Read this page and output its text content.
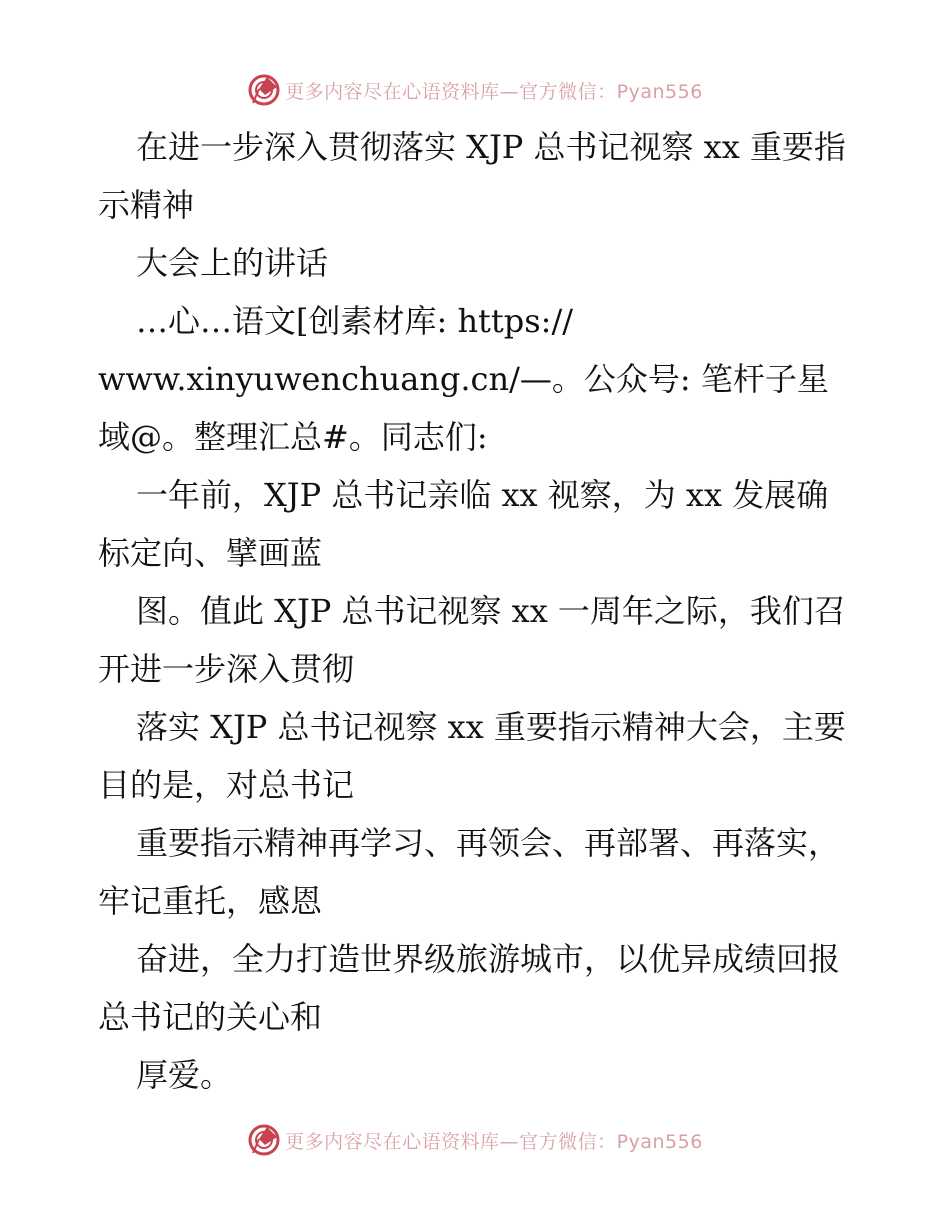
更多内容尽在心语资料库—官方微信：Pyan556

在进一步深入贯彻落实 XJP 总书记视察 xx 重要指示精神

大会上的讲话

…心…语文[创素材库: https:// www.xinyuwenchuang.cn/—。公众号: 笔杆子星域@。整理汇总#。同志们:

一年前，XJP 总书记亲临 xx 视察，为 xx 发展确标定向、擘画蓝

图。值此 XJP 总书记视察 xx 一周年之际，我们召开进一步深入贯彻

落实 XJP 总书记视察 xx 重要指示精神大会，主要目的是，对总书记

重要指示精神再学习、再领会、再部署、再落实，牢记重托，感恩

奋进，全力打造世界级旅游城市，以优异成绩回报总书记的关心和

厚爱。

更多内容尽在心语资料库—官方微信：Pyan556
